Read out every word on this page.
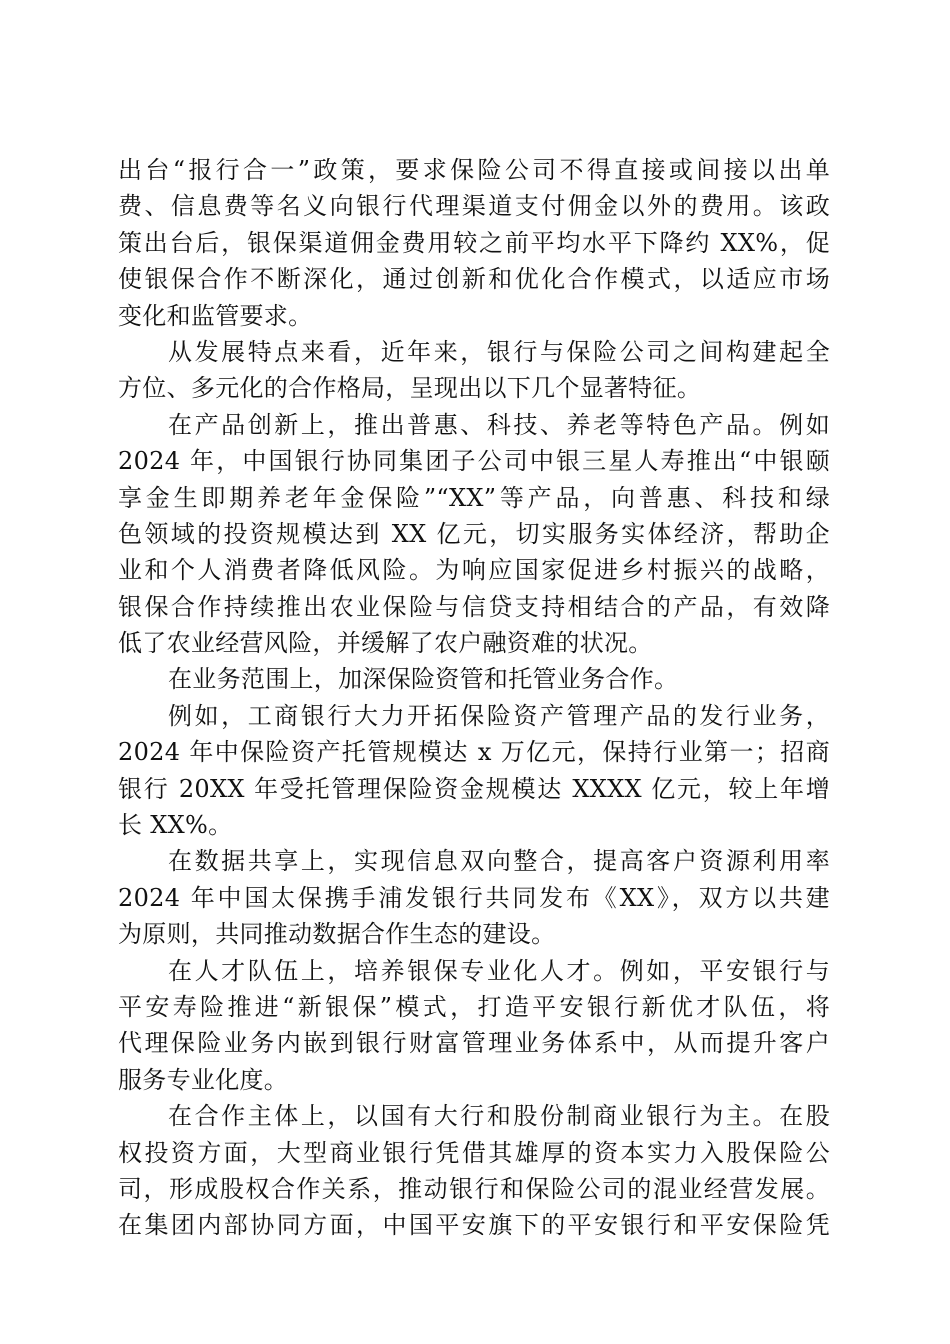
出台“报行合一”政策，要求保险公司不得直接或间接以出单
费、信息费等名义向银行代理渠道支付佣金以外的费用。该政
策出台后，银保渠道佣金费用较之前平均水平下降约 XX%，促
使银保合作不断深化，通过创新和优化合作模式，以适应市场
变化和监管要求。
从发展特点来看，近年来，银行与保险公司之间构建起全
方位、多元化的合作格局，呈现出以下几个显著特征。
在产品创新上，推出普惠、科技、养老等特色产品。例如
2024 年，中国银行协同集团子公司中银三星人寿推出“中银颐
享金生即期养老年金保险”“XX”等产品，向普惠、科技和绿
色领域的投资规模达到 XX 亿元，切实服务实体经济，帮助企
业和个人消费者降低风险。为响应国家促进乡村振兴的战略，
银保合作持续推出农业保险与信贷支持相结合的产品，有效降
低了农业经营风险，并缓解了农户融资难的状况。
在业务范围上，加深保险资管和托管业务合作。
例如，工商银行大力开拓保险资产管理产品的发行业务，
2024 年中保险资产托管规模达 x 万亿元，保持行业第一；招商
银行 20XX 年受托管理保险资金规模达 XXXX 亿元，较上年增
长 XX%。
在数据共享上，实现信息双向整合，提高客户资源利用率
2024 年中国太保携手浦发银行共同发布《XX》，双方以共建
为原则，共同推动数据合作生态的建设。
在人才队伍上，培养银保专业化人才。例如，平安银行与
平安寿险推进“新银保”模式，打造平安银行新优才队伍，将
代理保险业务内嵌到银行财富管理业务体系中，从而提升客户
服务专业化度。
在合作主体上，以国有大行和股份制商业银行为主。在股
权投资方面，大型商业银行凭借其雄厚的资本实力入股保险公
司，形成股权合作关系，推动银行和保险公司的混业经营发展。
在集团内部协同方面，中国平安旗下的平安银行和平安保险凭
